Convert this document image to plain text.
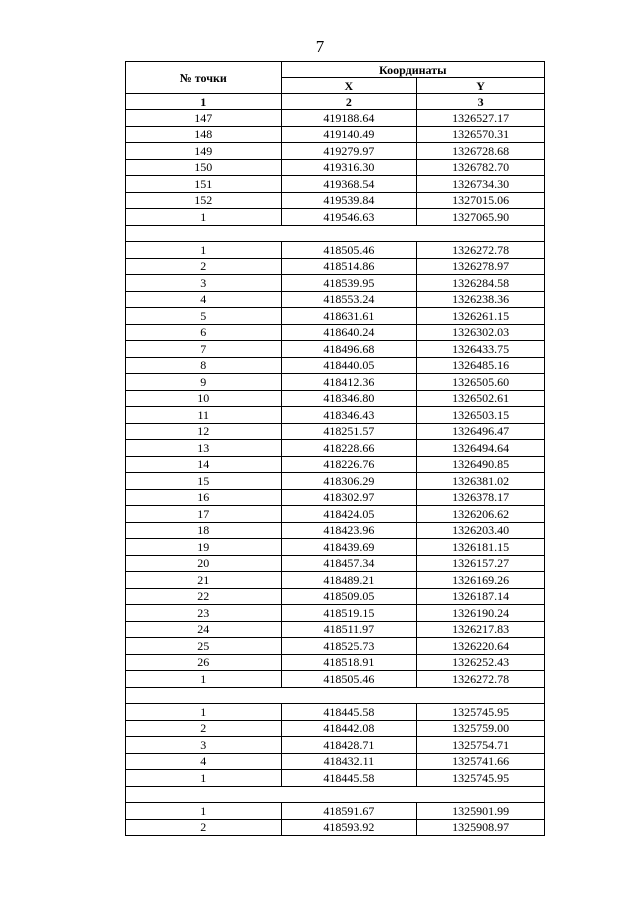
7
№ точки	Координаты	
	X	Y
1	2	3
147	419188.64	1326527.17
148	419140.49	1326570.31
149	419279.97	1326728.68
150	419316.30	1326782.70
151	419368.54	1326734.30
152	419539.84	1327015.06
1	419546.63	1327065.90

1	418505.46	1326272.78
2	418514.86	1326278.97
3	418539.95	1326284.58
4	418553.24	1326238.36
5	418631.61	1326261.15
6	418640.24	1326302.03
7	418496.68	1326433.75
8	418440.05	1326485.16
9	418412.36	1326505.60
10	418346.80	1326502.61
11	418346.43	1326503.15
12	418251.57	1326496.47
13	418228.66	1326494.64
14	418226.76	1326490.85
15	418306.29	1326381.02
16	418302.97	1326378.17
17	418424.05	1326206.62
18	418423.96	1326203.40
19	418439.69	1326181.15
20	418457.34	1326157.27
21	418489.21	1326169.26
22	418509.05	1326187.14
23	418519.15	1326190.24
24	418511.97	1326217.83
25	418525.73	1326220.64
26	418518.91	1326252.43
1	418505.46	1326272.78

1	418445.58	1325745.95
2	418442.08	1325759.00
3	418428.71	1325754.71
4	418432.11	1325741.66
1	418445.58	1325745.95

1	418591.67	1325901.99
2	418593.92	1325908.97
